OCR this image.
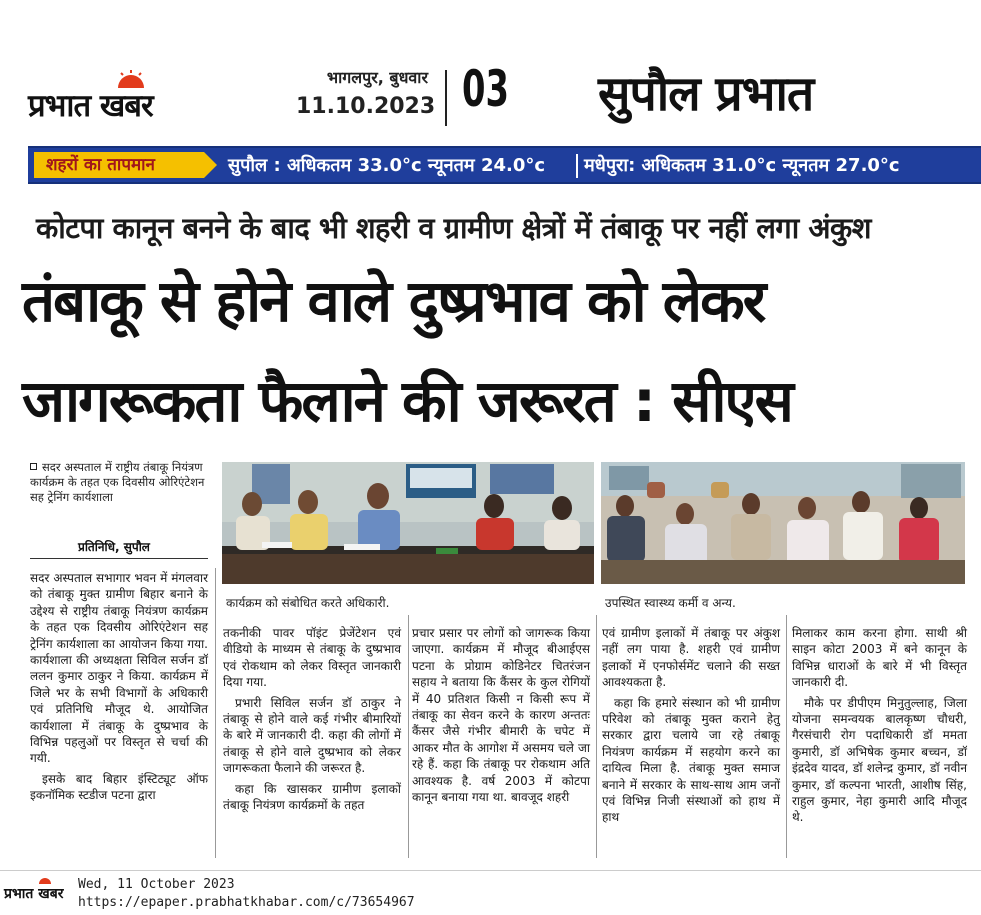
प्रभात खबर
भागलपुर, बुधवार
11.10.2023 03 सुपौल प्रभात
शहरों का तापमान	सुपौल : अधिकतम 33.0°c न्यूनतम 24.0°c मधेपुरा: अधिकतम 31.0°c न्यूनतम 27.0°c
कोटपा कानून बनने के बाद भी शहरी व ग्रामीण क्षेत्रों में तंबाकू पर नहीं लगा अंकुश
तंबाकू से होने वाले दुष्प्रभाव को लेकर
जागरूकता फैलाने की जरूरत : सीएस
सदर अस्पताल में राष्ट्रीय तंबाकू नियंत्रण कार्यक्रम के तहत एक दिवसीय ओरिएंटेशन सह ट्रेनिंग कार्यशाला
प्रतिनिधि, सुपौल
कार्यक्रम को संबोधित करते अधिकारी.	उपस्थित स्वास्थ्य कर्मी व अन्य.

सदर अस्पताल सभागार भवन में मंगलवार को तंबाकू मुक्त ग्रामीण बिहार बनाने के उद्देश्य से राष्ट्रीय तंबाकू नियंत्रण कार्यक्रम के तहत एक दिवसीय ओरिएंटेशन सह ट्रेनिंग कार्यशाला का आयोजन किया गया. कार्यशाला की अध्यक्षता सिविल सर्जन डॉ ललन कुमार ठाकुर ने किया. कार्यक्रम में जिले भर के सभी विभागों के अधिकारी एवं प्रतिनिधि मौजूद थे. आयोजित कार्यशाला में तंबाकू के दुष्प्रभाव के विभिन्न पहलुओं पर विस्तृत से चर्चा की गयी.

इसके बाद बिहार इंस्टिट्यूट ऑफ इकनॉमिक स्टडीज पटना द्वारा

तकनीकी पावर पॉइंट प्रेजेंटेशन एवं वीडियो के माध्यम से तंबाकू के दुष्प्रभाव एवं रोकथाम को लेकर विस्तृत जानकारी दिया गया.

प्रभारी सिविल सर्जन डॉ ठाकुर ने तंबाकू से होने वाले कई गंभीर बीमारियों के बारे में जानकारी दी. कहा की लोगों में तंबाकू से होने वाले दुष्प्रभाव को लेकर जागरूकता फैलाने की जरूरत है.

कहा कि खासकर ग्रामीण इलाकों तंबाकू नियंत्रण कार्यक्रमों के तहत

प्रचार प्रसार पर लोगों को जागरूक किया जाएगा. कार्यक्रम में मौजूद बीआईएस पटना के प्रोग्राम कोडिनेटर चितरंजन सहाय ने बताया कि कैंसर के कुल रोगियों में 40 प्रतिशत किसी न किसी रूप में तंबाकू का सेवन करने के कारण अन्ततः कैंसर जैसे गंभीर बीमारी के चपेट में आकर मौत के आगोश में असमय चले जा रहे हैं. कहा कि तंबाकू पर रोकथाम अति आवश्यक है. वर्ष 2003 में कोटपा कानून बनाया गया था. बावजूद शहरी

एवं ग्रामीण इलाकों में तंबाकू पर अंकुश नहीं लग पाया है. शहरी एवं ग्रामीण इलाकों में एनफोर्समेंट चलाने की सख्त आवश्यकता है.

कहा कि हमारे संस्थान को भी ग्रामीण परिवेश को तंबाकू मुक्त कराने हेतु सरकार द्वारा चलाये जा रहे तंबाकू नियंत्रण कार्यक्रम में सहयोग करने का दायित्व मिला है. तंबाकू मुक्त समाज बनाने में सरकार के साथ-साथ आम जनों एवं विभिन्न निजी संस्थाओं को हाथ में हाथ

मिलाकर काम करना होगा. साथी श्री साइन कोटा 2003 में बने कानून के विभिन्न धाराओं के बारे में भी विस्तृत जानकारी दी.

मौके पर डीपीएम मिनुतुल्लाह, जिला योजना समन्वयक बालकृष्ण चौधरी, गैरसंचारी रोग पदाधिकारी डॉ ममता कुमारी, डॉ अभिषेक कुमार बच्चन, डॉ इंद्रदेव यादव, डॉ शलेन्द्र कुमार, डॉ नवीन कुमार, डॉ कल्पना भारती, आशीष सिंह, राहुल कुमार, नेहा कुमारी आदि मौजूद थे.

प्रभात खबर
Wed, 11 October 2023
https://epaper.prabhatkhabar.com/c/73654967
